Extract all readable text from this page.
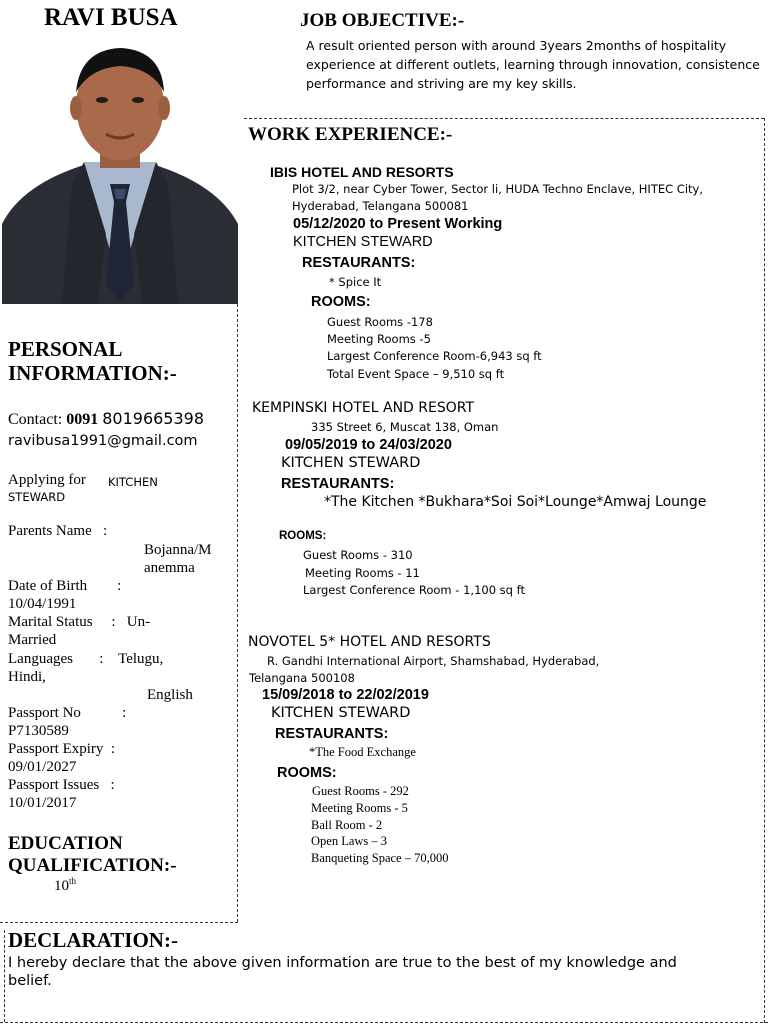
RAVI BUSA	JOB OBJECTIVE:-
A result oriented person with around 3years 2months of hospitality
experience at different outlets, learning through innovation, consistence
performance and striving are my key skills.
WORK EXPERIENCE:-
IBIS HOTEL AND RESORTS
Plot 3/2, near Cyber Tower, Sector li, HUDA Techno Enclave, HITEC City,
Hyderabad, Telangana 500081
05/12/2020 to Present Working
KITCHEN STEWARD
RESTAURANTS:
* Spice It
ROOMS:
Guest Rooms -178
Meeting Rooms -5
Largest Conference Room-6,943 sq ft
Total Event Space – 9,510 sq ft
KEMPINSKI HOTEL AND RESORT
335 Street 6, Muscat 138, Oman
09/05/2019 to 24/03/2020
KITCHEN STEWARD
RESTAURANTS:
*The Kitchen *Bukhara*Soi Soi*Lounge*Amwaj Lounge
ROOMS:
Guest Rooms - 310
Meeting Rooms - 11
Largest Conference Room - 1,100 sq ft
NOVOTEL 5* HOTEL AND RESORTS
R. Gandhi International Airport, Shamshabad, Hyderabad,
Telangana 500108
15/09/2018 to 22/02/2019
KITCHEN STEWARD
RESTAURANTS:
*The Food Exchange
ROOMS:
Guest Rooms - 292
Meeting Rooms - 5
Ball Room - 2
Open Laws – 3
Banqueting Space – 70,000
PERSONAL
INFORMATION:-
Contact: 0091 8019665398
ravibusa1991@gmail.com
Applying for KITCHEN
STEWARD
Parents Name   :
Bojanna/M
anemma
Date of Birth        :
10/04/1991
Marital Status     :   Un-
Married
Languages       :    Telugu,
Hindi,
English
Passport No           :
P7130589
Passport Expiry  :
09/01/2027
Passport Issues   :
10/01/2017
EDUCATION
QUALIFICATION:-
10th
DECLARATION:-
I hereby declare that the above given information are true to the best of my knowledge and
belief.
